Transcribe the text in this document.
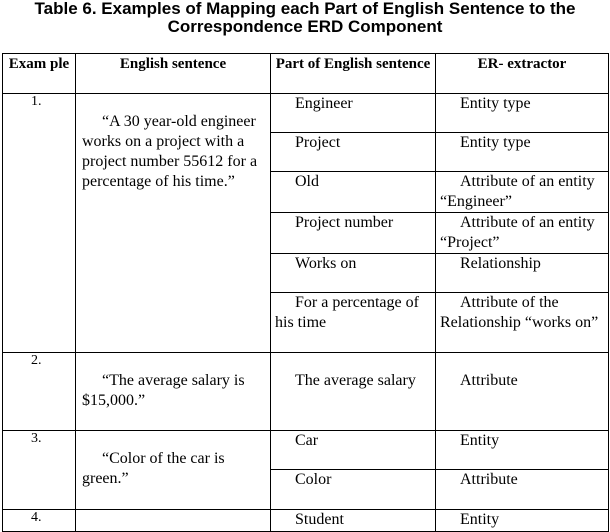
Table 6. Examples of Mapping each Part of English Sentence to the
Correspondence ERD Component
Exam ple	English sentence	Part of English sentence	ER- extractor
1.	“A 30 year-old engineer works on a project with a project number 55612 for a percentage of his time.”	Engineer	Entity type
		Project	Entity type
		Old	Attribute of an entity “Engineer”
		Project number	Attribute of an entity “Project”
		Works on	Relationship
		For a percentage of his time	Attribute of the Relationship “works on”
2.	“The average salary is $15,000.”	The average salary	Attribute
3.	“Color of the car is green.”	Car	Entity
		Color	Attribute
4.		Student	Entity
